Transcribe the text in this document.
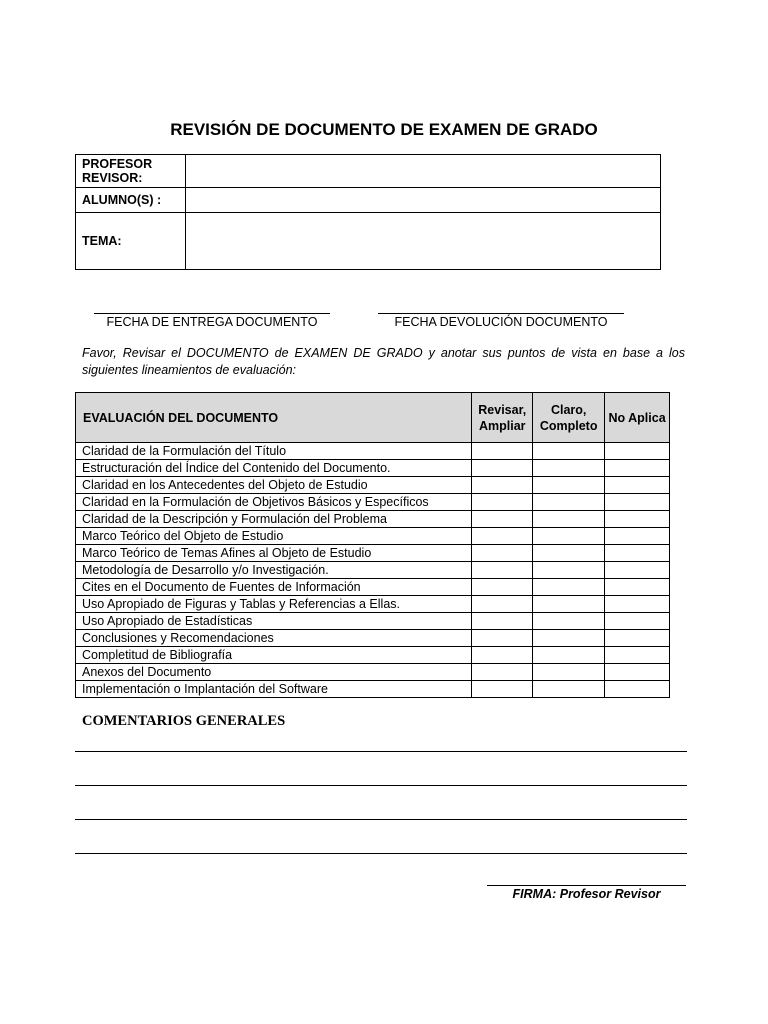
REVISIÓN DE DOCUMENTO DE EXAMEN DE GRADO
PROFESOR REVISOR:	
ALUMNO(S) :	
TEMA:	
FECHA DE ENTREGA DOCUMENTO	FECHA DEVOLUCIÓN DOCUMENTO
Favor, Revisar el DOCUMENTO de EXAMEN DE GRADO y anotar sus puntos de vista en base a los siguientes lineamientos de evaluación:
EVALUACIÓN DEL DOCUMENTO	Revisar, Ampliar	Claro, Completo	No Aplica
Claridad de la Formulación del Título			
Estructuración del Índice del Contenido del Documento.			
Claridad en los Antecedentes del Objeto de Estudio			
Claridad en la Formulación de Objetivos Básicos y Específicos			
Claridad de la Descripción y Formulación del Problema			
Marco Teórico del Objeto de Estudio			
Marco Teórico de Temas Afines al Objeto de Estudio			
Metodología de Desarrollo y/o Investigación.			
Cites en el Documento de Fuentes de Información			
Uso Apropiado de Figuras y Tablas y Referencias a Ellas.			
Uso Apropiado de Estadísticas			
Conclusiones y Recomendaciones			
Completitud de Bibliografía			
Anexos del Documento			
Implementación o Implantación del Software			
COMENTARIOS GENERALES
FIRMA: Profesor Revisor
